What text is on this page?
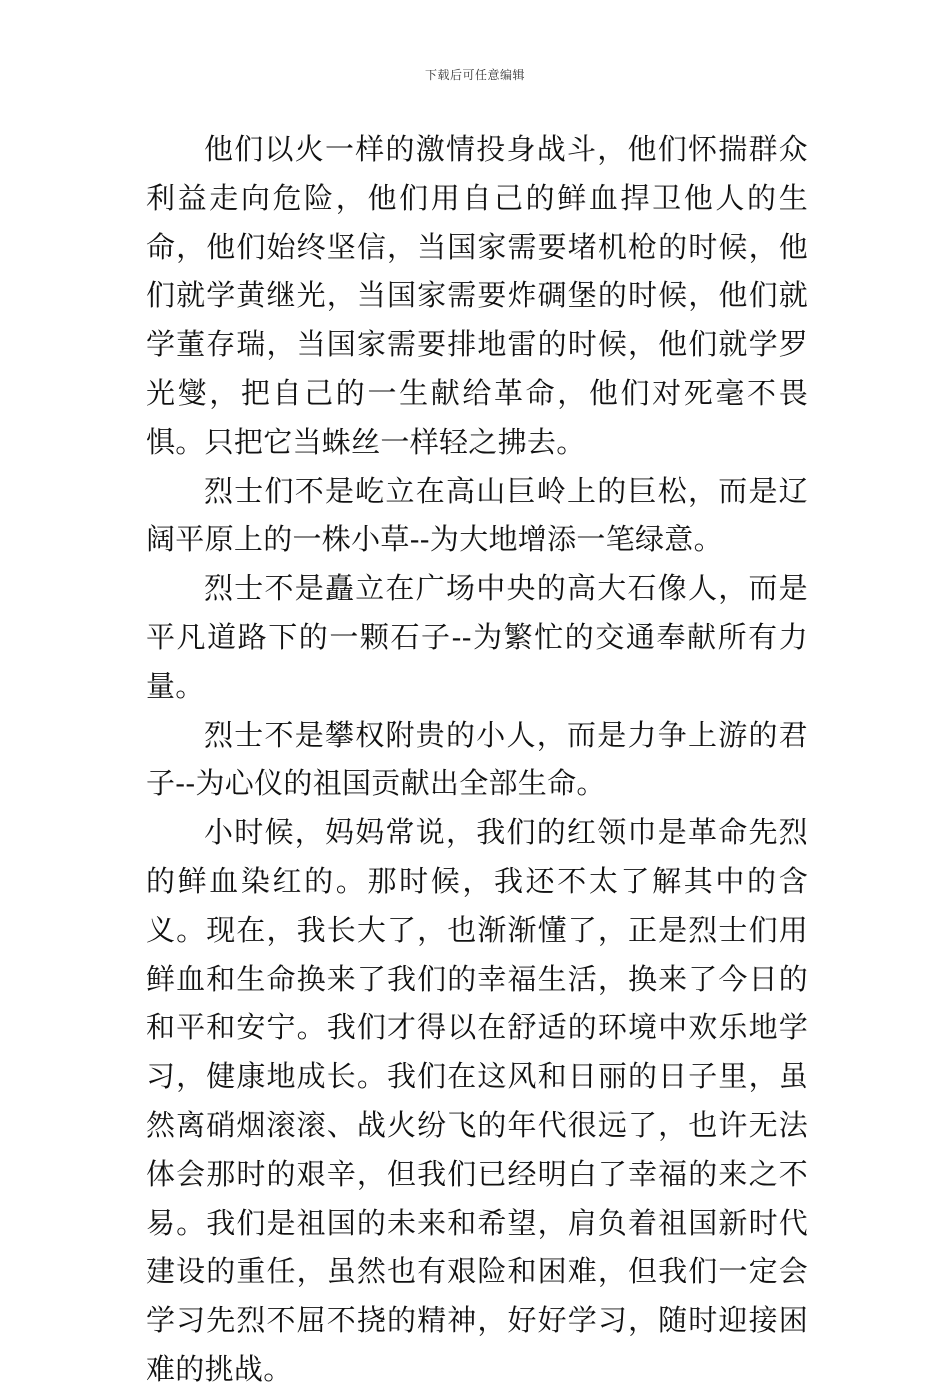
下载后可任意编辑

他们以火一样的激情投身战斗，他们怀揣群众利益走向危险，他们用自己的鲜血捍卫他人的生命，他们始终坚信，当国家需要堵机枪的时候，他们就学黄继光，当国家需要炸碉堡的时候，他们就学董存瑞，当国家需要排地雷的时候，他们就学罗光燮，把自己的一生献给革命，他们对死毫不畏惧。只把它当蛛丝一样轻之拂去。

烈士们不是屹立在高山巨岭上的巨松，而是辽阔平原上的一株小草--为大地增添一笔绿意。

烈士不是矗立在广场中央的高大石像人，而是平凡道路下的一颗石子--为繁忙的交通奉献所有力量。

烈士不是攀权附贵的小人，而是力争上游的君子--为心仪的祖国贡献出全部生命。

小时候，妈妈常说，我们的红领巾是革命先烈的鲜血染红的。那时候，我还不太了解其中的含义。现在，我长大了，也渐渐懂了，正是烈士们用鲜血和生命换来了我们的幸福生活，换来了今日的和平和安宁。我们才得以在舒适的环境中欢乐地学习，健康地成长。我们在这风和日丽的日子里，虽然离硝烟滚滚、战火纷飞的年代很远了，也许无法体会那时的艰辛，但我们已经明白了幸福的来之不易。我们是祖国的未来和希望，肩负着祖国新时代建设的重任，虽然也有艰险和困难，但我们一定会学习先烈不屈不挠的精神，好好学习，随时迎接困难的挑战。
